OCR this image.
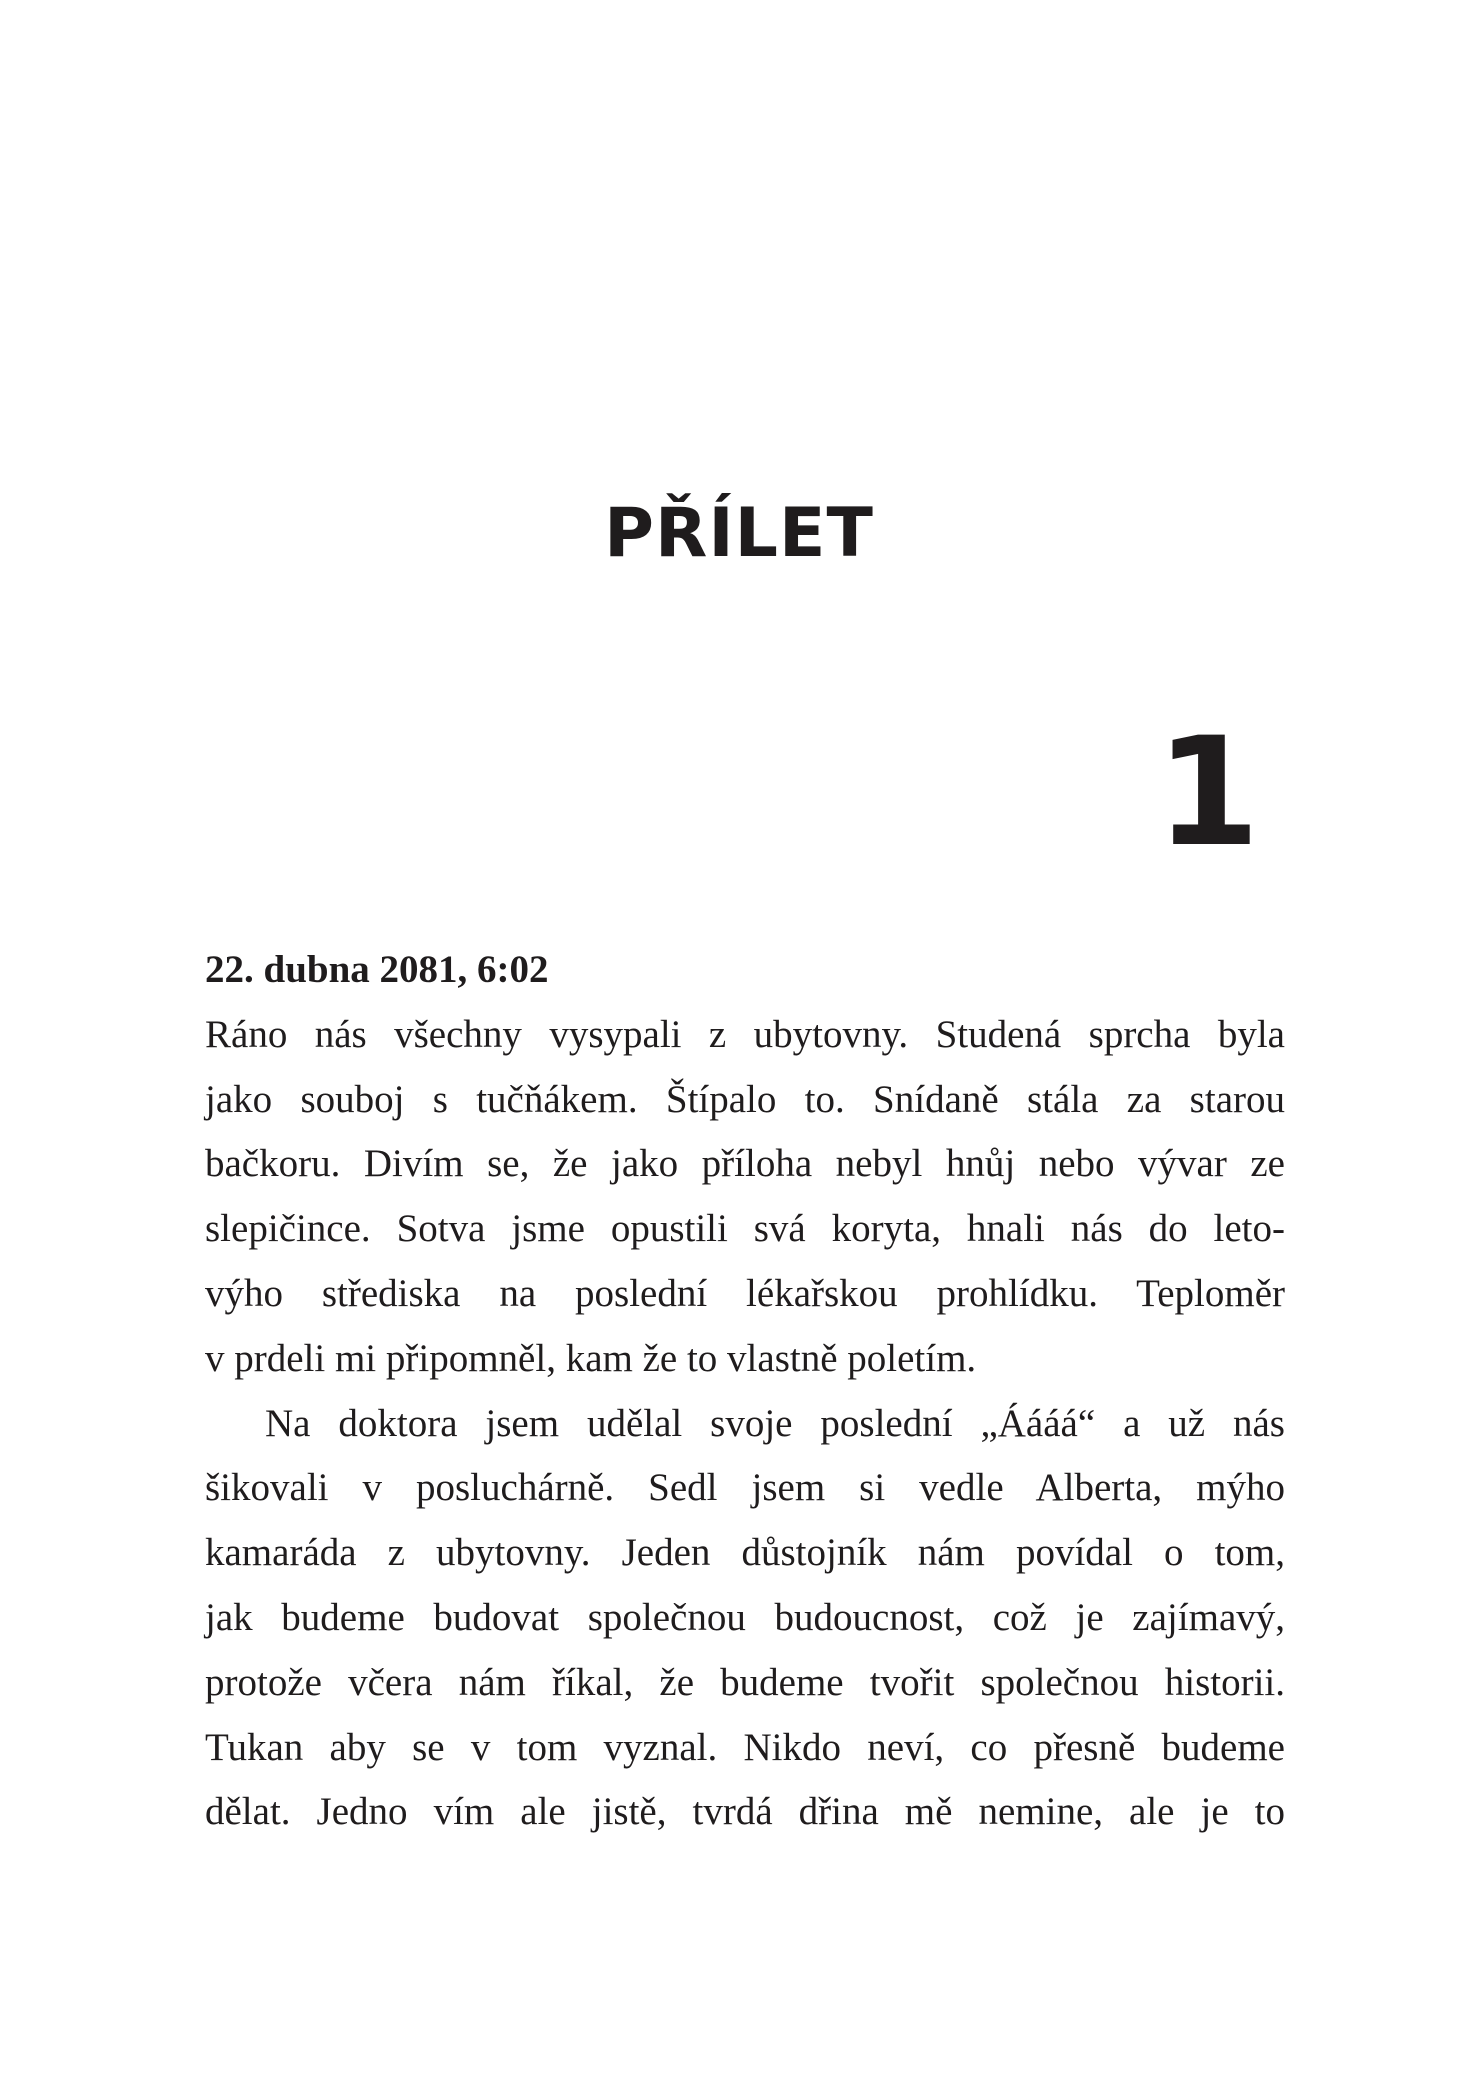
PŘÍLET
1
22. dubna 2081, 6:02
Ráno nás všechny vysypali z ubytovny. Studená sprcha byla
jako souboj s tučňákem. Štípalo to. Snídaně stála za starou
bačkoru. Divím se, že jako příloha nebyl hnůj nebo vývar ze
slepičince. Sotva jsme opustili svá koryta, hnali nás do leto-
výho střediska na poslední lékařskou prohlídku. Teploměr
v prdeli mi připomněl, kam že to vlastně poletím.
Na doktora jsem udělal svoje poslední „Áááá“ a už nás
šikovali v posluchárně. Sedl jsem si vedle Alberta, mýho
kamaráda z ubytovny. Jeden důstojník nám povídal o tom,
jak budeme budovat společnou budoucnost, což je zajímavý,
protože včera nám říkal, že budeme tvořit společnou historii.
Tukan aby se v tom vyznal. Nikdo neví, co přesně budeme
dělat. Jedno vím ale jistě, tvrdá dřina mě nemine, ale je to
